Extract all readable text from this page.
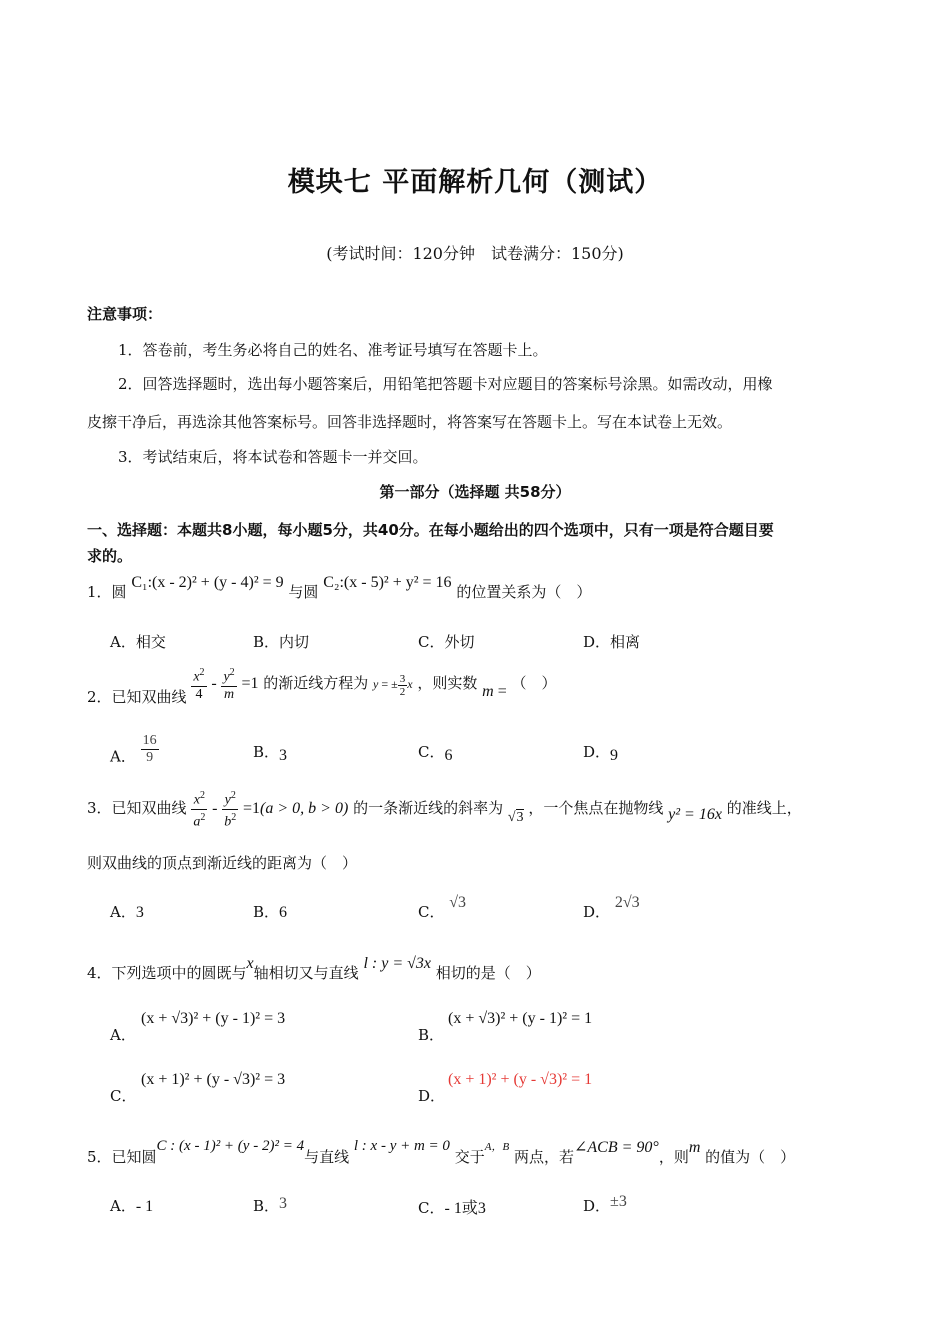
模块七 平面解析几何（测试）
(考试时间：120分钟　试卷满分：150分)
注意事项：
1．答卷前，考生务必将自己的姓名、准考证号填写在答题卡上。
2．回答选择题时，选出每小题答案后，用铅笔把答题卡对应题目的答案标号涂黑。如需改动，用橡
皮擦干净后，再选涂其他答案标号。回答非选择题时，将答案写在答题卡上。写在本试卷上无效。
3．考试结束后，将本试卷和答题卡一并交回。
第一部分（选择题 共58分）
一、选择题：本题共8小题，每小题5分，共40分。在每小题给出的四个选项中，只有一项是符合题目要
求的。
1．圆 C₁:(x - 2)² + (y - 4)² = 9 与圆 C₂:(x - 5)² + y² = 16 的位置关系为（　）
A．相交	B．内切	C．外切	D．相离
2．已知双曲线 $\frac{x^2}{4} - \frac{y^2}{m} =1$ 的渐近线方程为 y = ± $\frac{3}{2}$ x ，则实数 m = （　）
A． $\frac{16}{9}$	B．3	C．6	D．9
3．已知双曲线 $\frac{x^2}{a^2} - \frac{y^2}{b^2} =1(a > 0$, b > 0) 的一条渐近线的斜率为 √3 ，一个焦点在抛物线 y² = 16x 的准线上，
则双曲线的顶点到渐近线的距离为（　）
A．3	B．6	C． √3
D． 2√3
4．下列选项中的圆既与x轴相切又与直线 l : y = √3x 相切的是（　）
A．
(x + √3)² + (y - 1)² = 3
B．
(x + √3)² + (y - 1)² = 1
C．
(x + 1)² + (y - √3)² = 3
D．
(x + 1)² + (y - √3)² = 1
5．已知圆C : (x - 1)² + (y - 2)² = 4与直线 l : x - y + m = 0 交于$^{A,B}$ 两点，若∠ACB = 90°，则m 的值为（　）
A．- 1	B．3	C．- 1或3	D．±3
